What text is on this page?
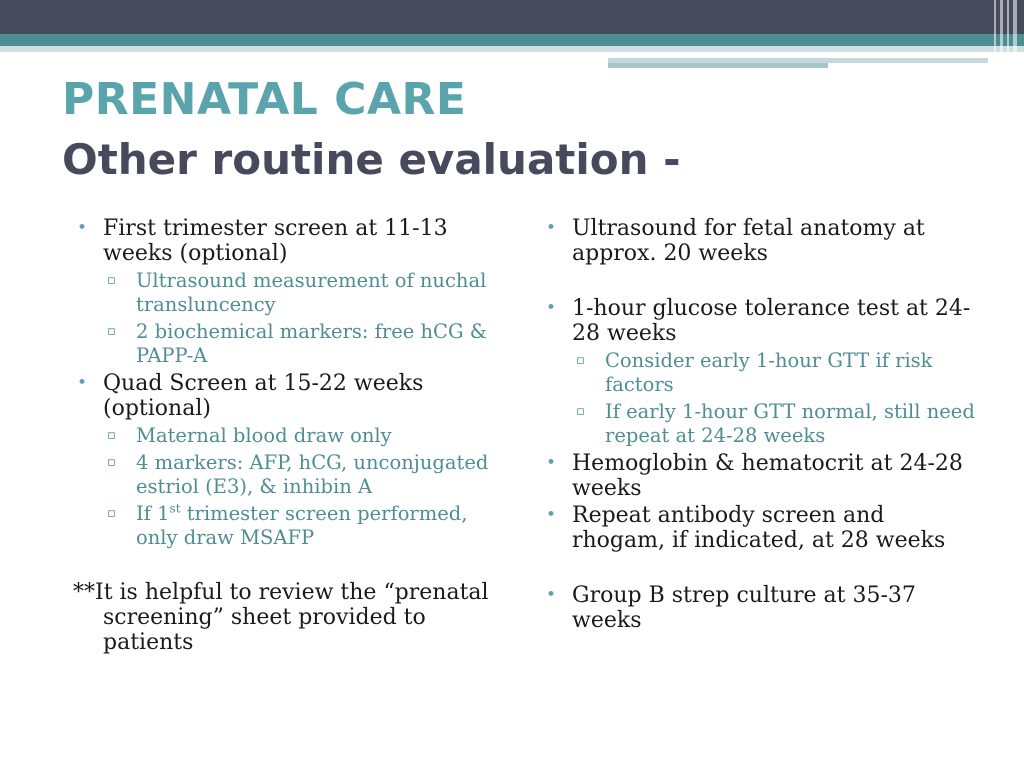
PRENATAL CARE
Other routine evaluation -
• First trimester screen at 11-13 weeks (optional)
▫ Ultrasound measurement of nuchal transluncency
▫ 2 biochemical markers: free hCG & PAPP-A
• Quad Screen at 15-22 weeks (optional)
▫ Maternal blood draw only
▫ 4 markers: AFP, hCG, unconjugated estriol (E3), & inhibin A
▫ If 1st trimester screen performed, only draw MSAFP

**It is helpful to review the “prenatal screening” sheet provided to patients

• Ultrasound for fetal anatomy at approx. 20 weeks
• 1-hour glucose tolerance test at 24-28 weeks
▫ Consider early 1-hour GTT if risk factors
▫ If early 1-hour GTT normal, still need repeat at 24-28 weeks
• Hemoglobin & hematocrit at 24-28 weeks
• Repeat antibody screen and rhogam, if indicated, at 28 weeks
• Group B strep culture at 35-37 weeks
